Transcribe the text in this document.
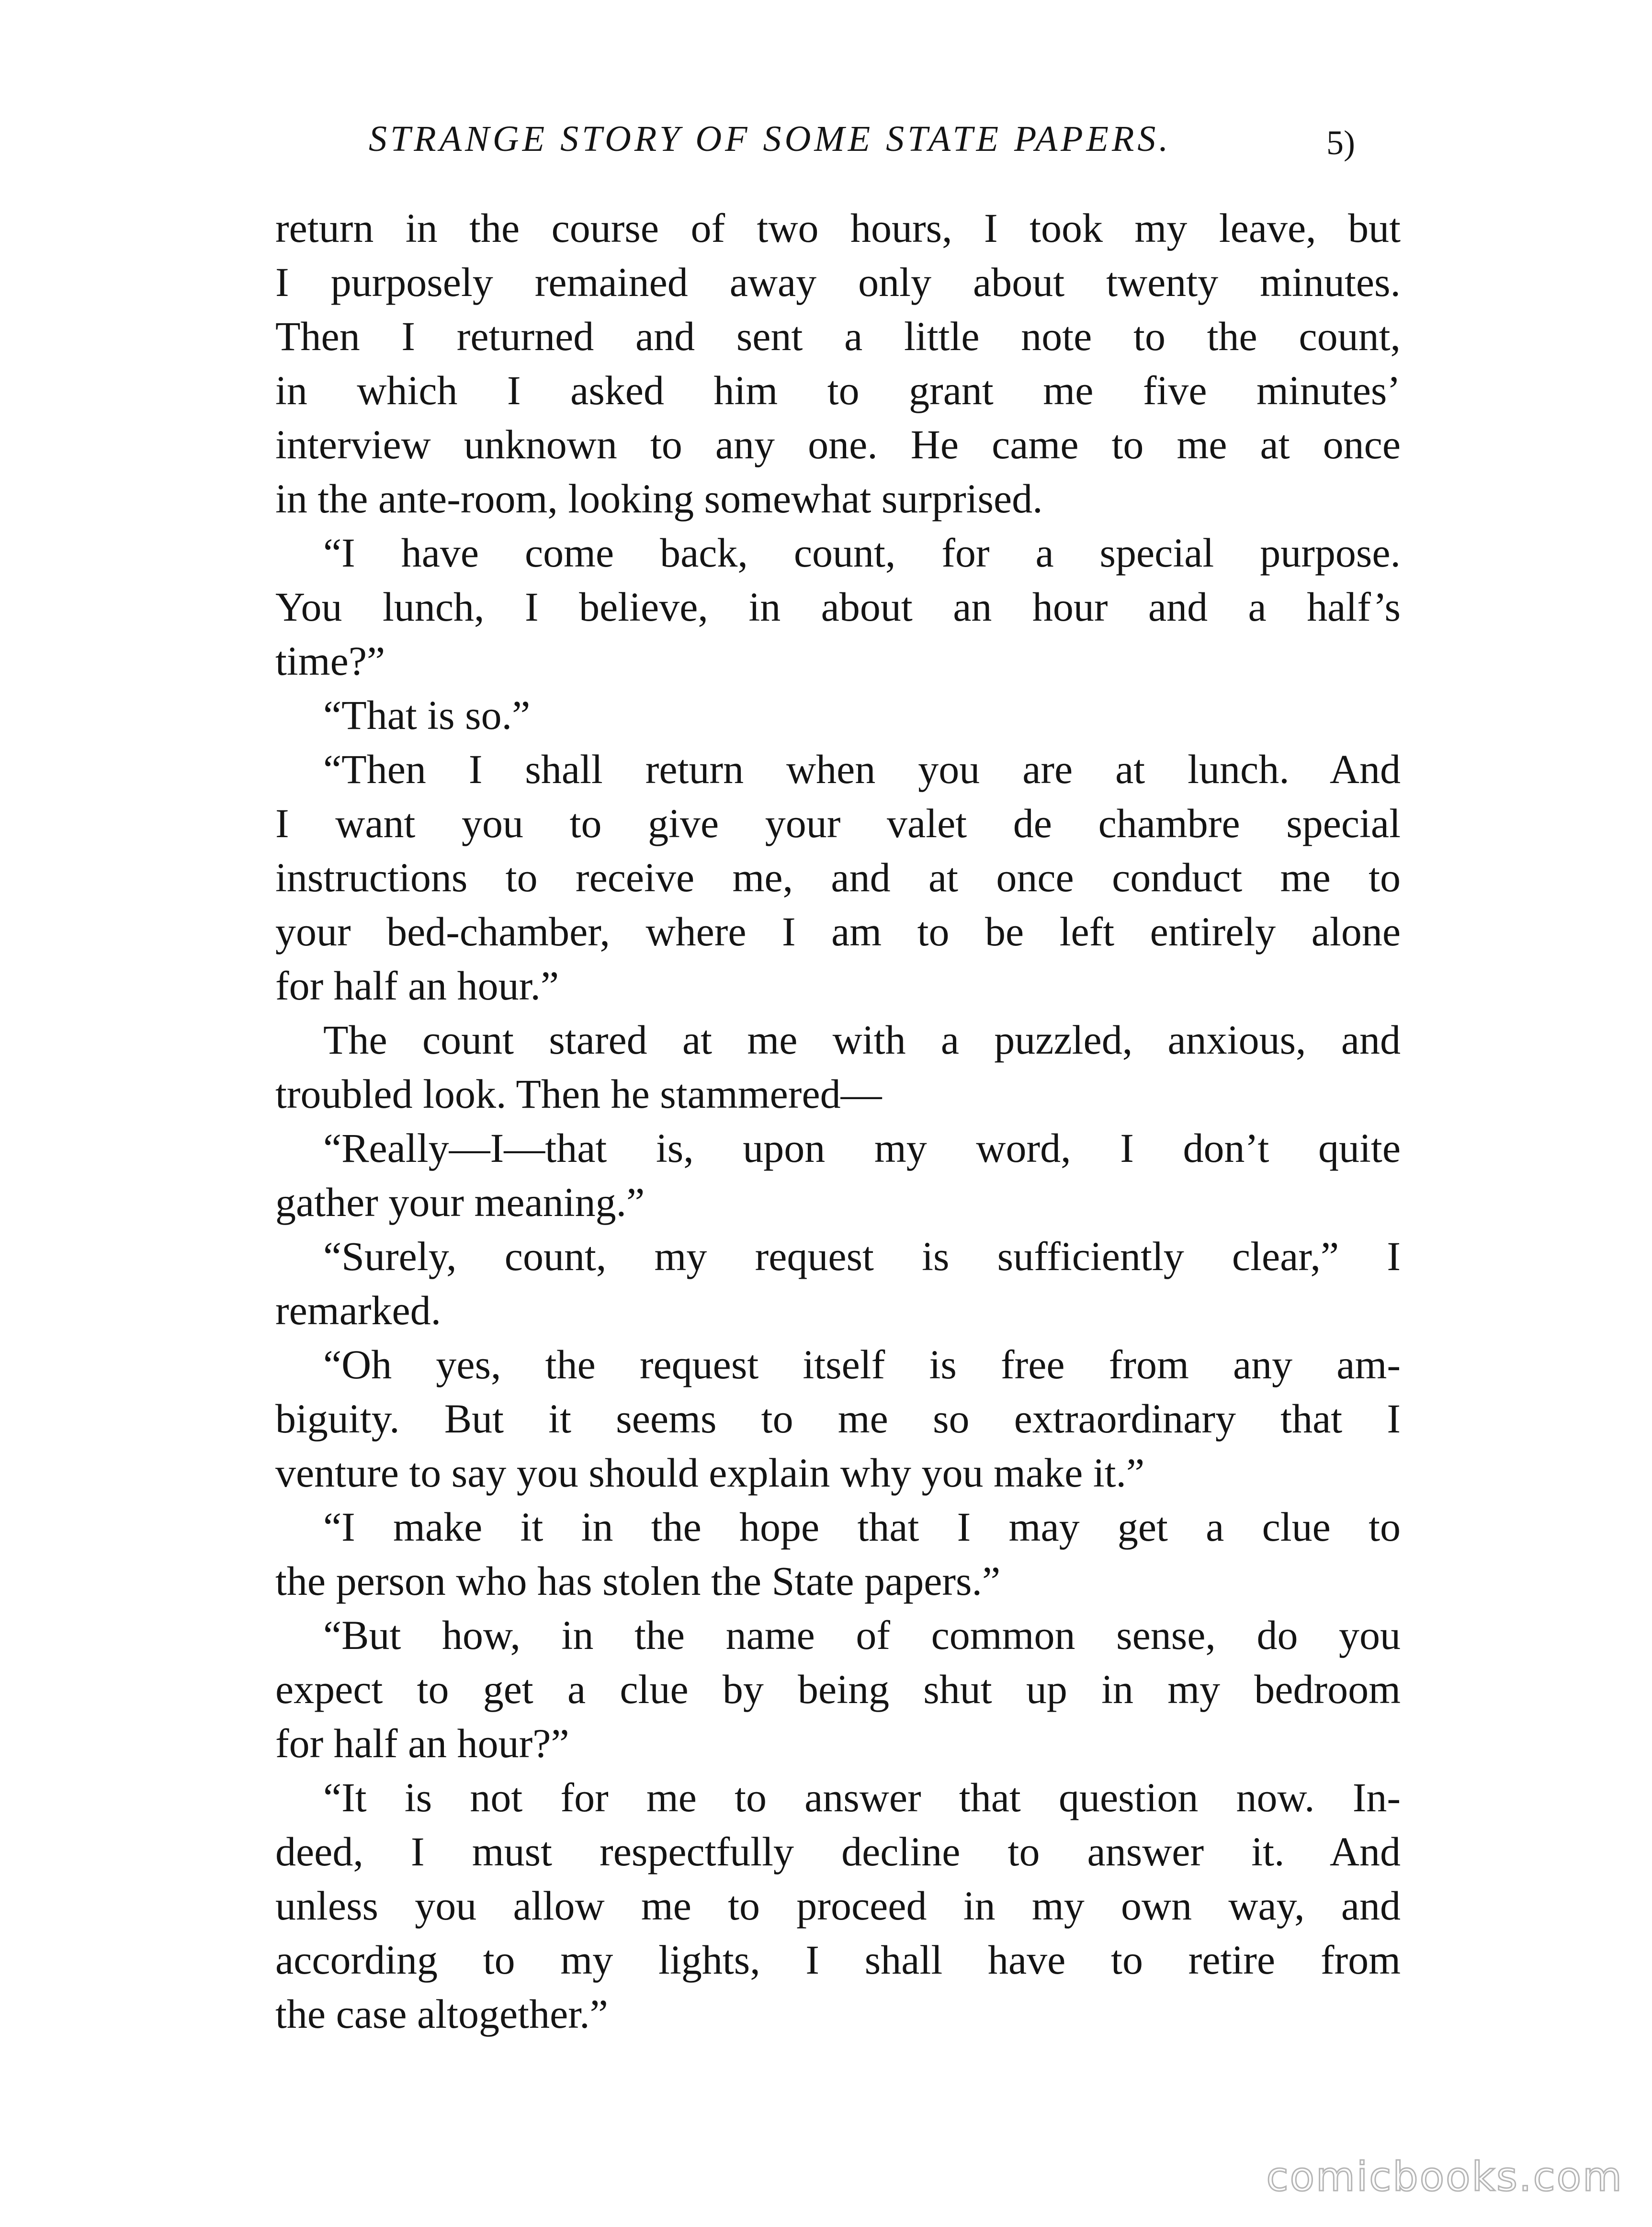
STRANGE STORY OF SOME STATE PAPERS.	5)
return in the course of two hours, I took my leave, but
I purposely remained away only about twenty minutes.
Then I returned and sent a little note to the count,
in which I asked him to grant me five minutes’
interview unknown to any one. He came to me at once
in the ante-room, looking somewhat surprised.
“I have come back, count, for a special purpose.
You lunch, I believe, in about an hour and a half’s
time?”
“That is so.”
“Then I shall return when you are at lunch. And
I want you to give your valet de chambre special
instructions to receive me, and at once conduct me to
your bed-chamber, where I am to be left entirely alone
for half an hour.”
The count stared at me with a puzzled, anxious, and
troubled look. Then he stammered—
“Really—I—that is, upon my word, I don’t quite
gather your meaning.”
“Surely, count, my request is sufficiently clear,” I
remarked.
“Oh yes, the request itself is free from any am-
biguity. But it seems to me so extraordinary that I
venture to say you should explain why you make it.”
“I make it in the hope that I may get a clue to
the person who has stolen the State papers.”
“But how, in the name of common sense, do you
expect to get a clue by being shut up in my bedroom
for half an hour?”
“It is not for me to answer that question now. In-
deed, I must respectfully decline to answer it. And
unless you allow me to proceed in my own way, and
according to my lights, I shall have to retire from
the case altogether.”
comicbooks.com
